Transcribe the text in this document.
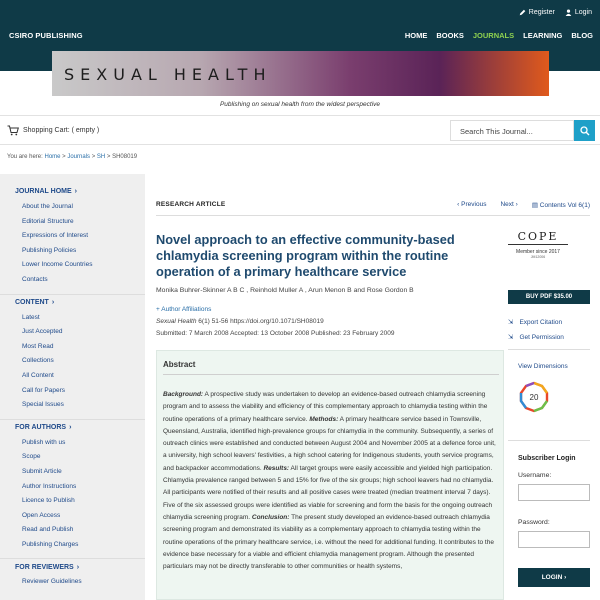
Register	Login
CSIRO PUBLISHING	HOME BOOKS JOURNALS LEARNING BLOG
SEXUAL HEALTH
Publishing on sexual health from the widest perspective
Shopping Cart: ( empty )	Search This Journal...
You are here: Home > Journals > SH > SH08019
JOURNAL HOME ›
About the Journal
Editorial Structure
Expressions of Interest
Publishing Policies
Lower Income Countries
Contacts
CONTENT ›
Latest
Just Accepted
Most Read
Collections
All Content
Call for Papers
Special Issues
FOR AUTHORS ›
Publish with us
Scope
Submit Article
Author Instructions
Licence to Publish
Open Access
Read and Publish
Publishing Charges
FOR REVIEWERS ›
Reviewer Guidelines
RESEARCH ARTICLE	‹ Previous Next › ▤ Contents Vol 6(1)
Novel approach to an effective community-based chlamydia screening program within the routine operation of a primary healthcare service
Monika Buhrer-Skinner A B C , Reinhold Muller A , Arun Menon B and Rose Gordon B
+ Author Affiliations
Sexual Health 6(1) 51-56 https://doi.org/10.1071/SH08019
Submitted: 7 March 2008 Accepted: 13 October 2008 Published: 23 February 2009
Abstract
Background: A prospective study was undertaken to develop an evidence-based outreach chlamydia screening program and to assess the viability and efficiency of this complementary approach to chlamydia testing within the routine operations of a primary healthcare service. Methods: A primary healthcare service based in Townsville, Queensland, Australia, identified high-prevalence groups for chlamydia in the community. Subsequently, a series of outreach clinics were established and conducted between August 2004 and November 2005 at a defence force unit, a university, high school leavers' festivities, a high school catering for Indigenous students, youth service programs, and backpacker accommodations. Results: All target groups were easily accessible and yielded high participation. Chlamydia prevalence ranged between 5 and 15% for five of the six groups; high school leavers had no chlamydia. All participants were notified of their results and all positive cases were treated (median treatment interval 7 days). Five of the six assessed groups were identified as viable for screening and form the basis for the ongoing outreach chlamydia screening program. Conclusion: The present study developed an evidence-based outreach chlamydia screening program and demonstrated its viability as a complementary approach to chlamydia testing within the routine operations of the primary healthcare service, i.e. without the need for additional funding. It contributes to the evidence base necessary for a viable and efficient chlamydia management program. Although the presented particulars may not be directly transferable to other communities or health systems,
COPE
Member since 2017
JM12006
BUY PDF $35.00
⇲ Export Citation
⇲ Get Permission
View Dimensions
20
Subscriber Login
Username:
Password:
LOGIN ›
